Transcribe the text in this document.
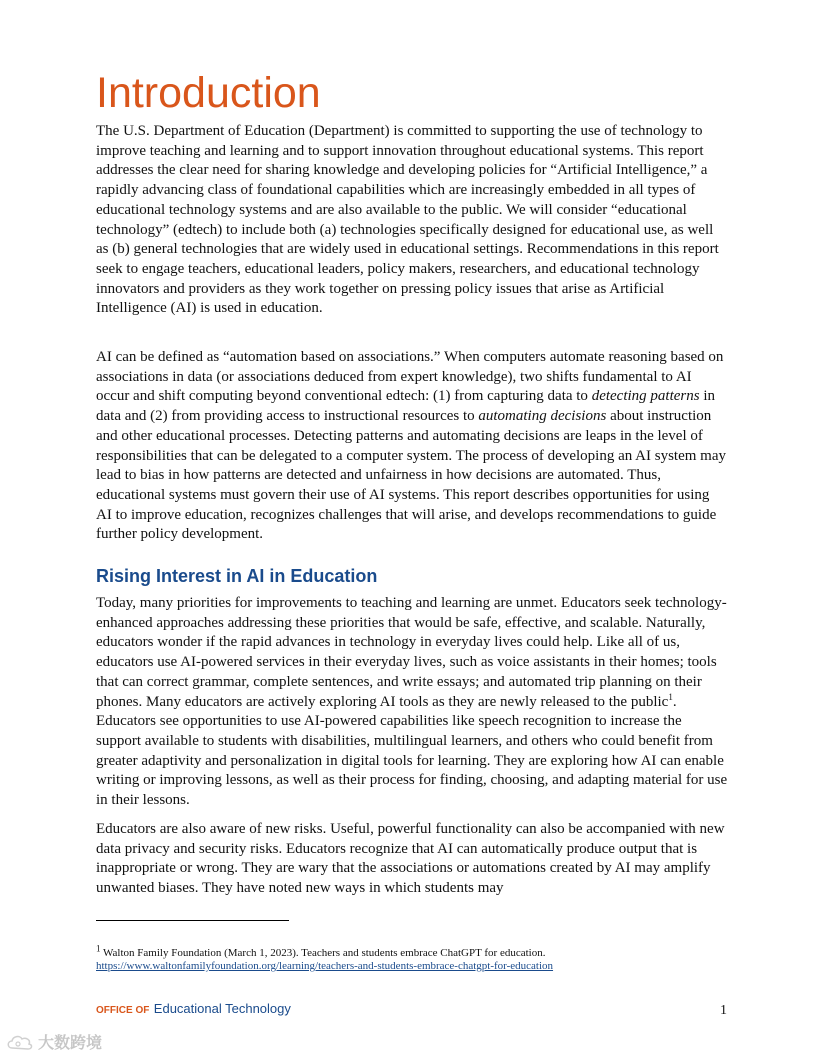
Introduction

The U.S. Department of Education (Department) is committed to supporting the use of technology to improve teaching and learning and to support innovation throughout educational systems. This report addresses the clear need for sharing knowledge and developing policies for “Artificial Intelligence,” a rapidly advancing class of foundational capabilities which are increasingly embedded in all types of educational technology systems and are also available to the public. We will consider “educational technology” (edtech) to include both (a) technologies specifically designed for educational use, as well as (b) general technologies that are widely used in educational settings. Recommendations in this report seek to engage teachers, educational leaders, policy makers, researchers, and educational technology innovators and providers as they work together on pressing policy issues that arise as Artificial Intelligence (AI) is used in education.

AI can be defined as “automation based on associations.” When computers automate reasoning based on associations in data (or associations deduced from expert knowledge), two shifts fundamental to AI occur and shift computing beyond conventional edtech: (1) from capturing data to detecting patterns in data and (2) from providing access to instructional resources to automating decisions about instruction and other educational processes. Detecting patterns and automating decisions are leaps in the level of responsibilities that can be delegated to a computer system. The process of developing an AI system may lead to bias in how patterns are detected and unfairness in how decisions are automated. Thus, educational systems must govern their use of AI systems. This report describes opportunities for using AI to improve education, recognizes challenges that will arise, and develops recommendations to guide further policy development.

Rising Interest in AI in Education

Today, many priorities for improvements to teaching and learning are unmet. Educators seek technology-enhanced approaches addressing these priorities that would be safe, effective, and scalable. Naturally, educators wonder if the rapid advances in technology in everyday lives could help. Like all of us, educators use AI-powered services in their everyday lives, such as voice assistants in their homes; tools that can correct grammar, complete sentences, and write essays; and automated trip planning on their phones. Many educators are actively exploring AI tools as they are newly released to the public$^1$. Educators see opportunities to use AI-powered capabilities like speech recognition to increase the support available to students with disabilities, multilingual learners, and others who could benefit from greater adaptivity and personalization in digital tools for learning. They are exploring how AI can enable writing or improving lessons, as well as their process for finding, choosing, and adapting material for use in their lessons.

Educators are also aware of new risks. Useful, powerful functionality can also be accompanied with new data privacy and security risks. Educators recognize that AI can automatically produce output that is inappropriate or wrong. They are wary that the associations or automations created by AI may amplify unwanted biases. They have noted new ways in which students may

$^1$ Walton Family Foundation (March 1, 2023). Teachers and students embrace ChatGPT for education.
https://www.waltonfamilyfoundation.org/learning/teachers-and-students-embrace-chatgpt-for-education
OFFICE OF Educational Technology	1
大数跨境
